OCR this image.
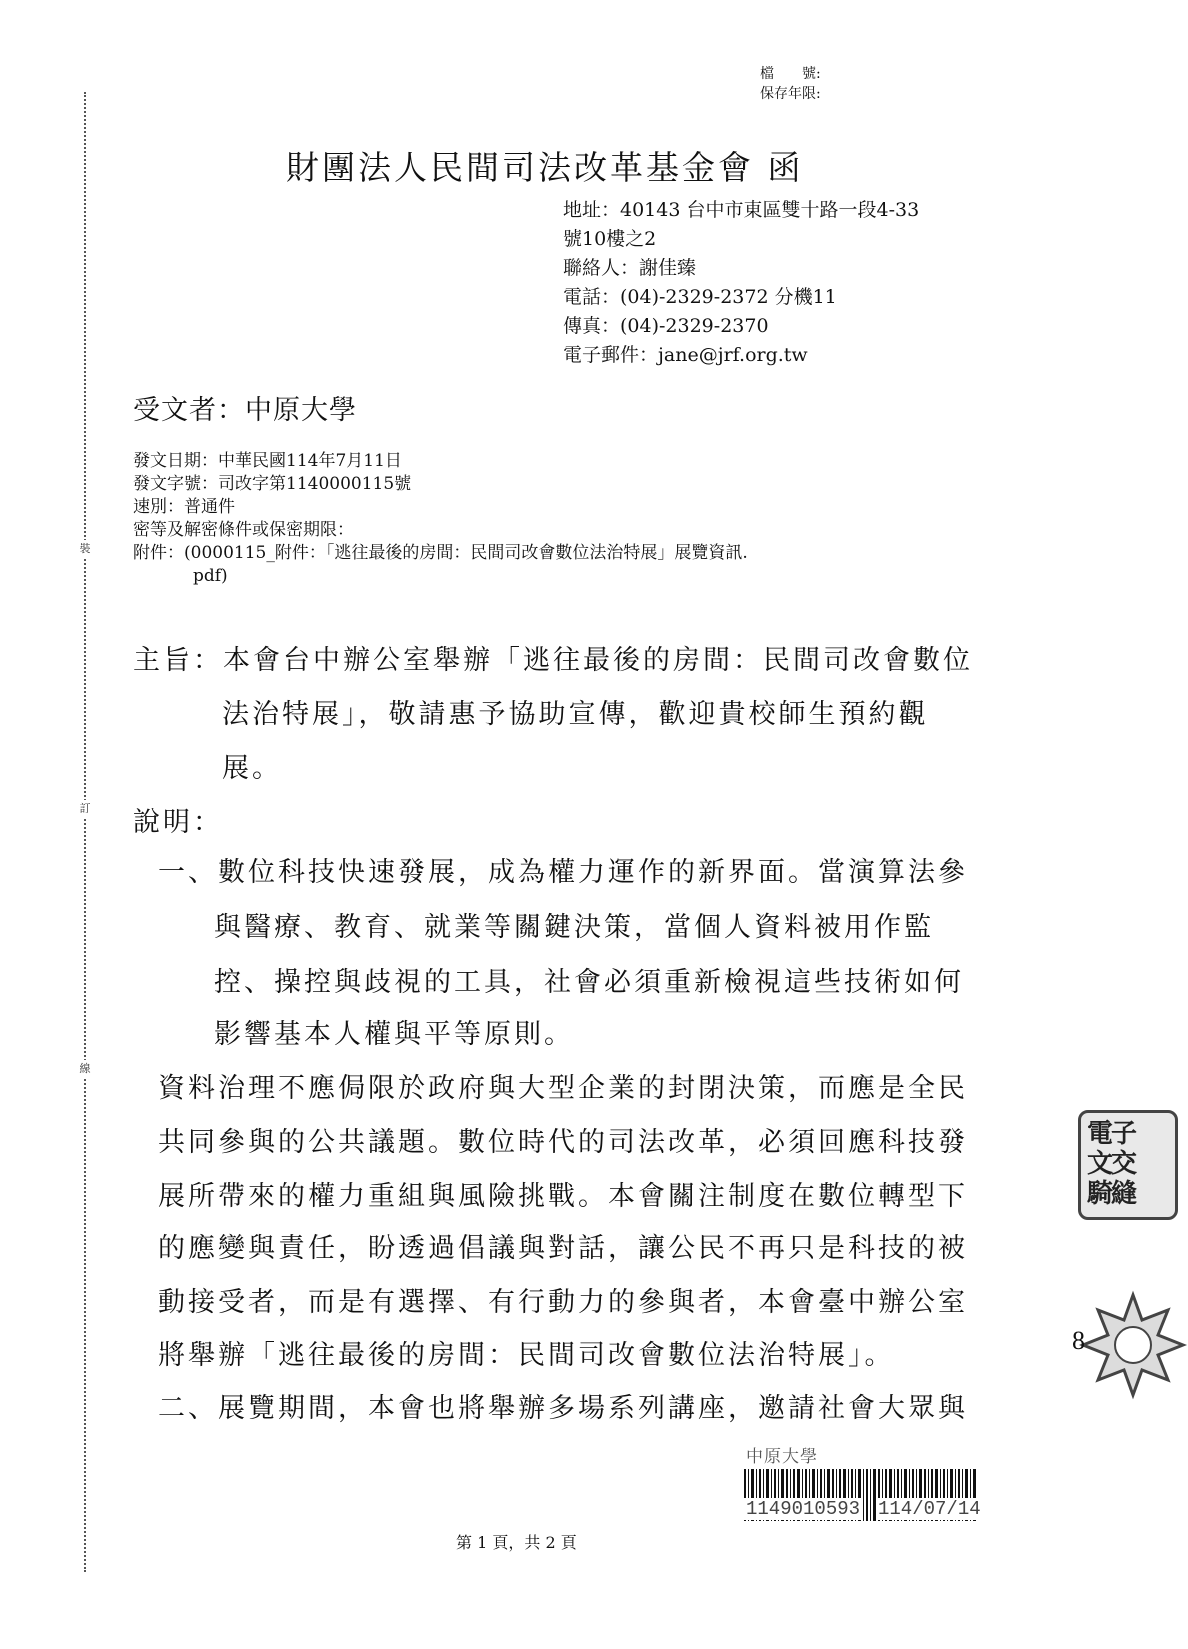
裝
訂
線
檔　　號:
保存年限:
財團法人民間司法改革基金會 函
地址：40143 台中市東區雙十路一段4-33
號10樓之2
聯絡人：謝佳臻
電話：(04)-2329-2372 分機11
傳真：(04)-2329-2370
電子郵件：jane@jrf.org.tw
受文者：中原大學
發文日期：中華民國114年7月11日
發文字號：司改字第1140000115號
速別：普通件
密等及解密條件或保密期限：
附件：(0000115_附件：「逃往最後的房間：民間司改會數位法治特展」展覽資訊.
pdf)
主旨：本會台中辦公室舉辦「逃往最後的房間：民間司改會數位
法治特展」，敬請惠予協助宣傳，歡迎貴校師生預約觀
展。
說明：
一、數位科技快速發展，成為權力運作的新界面。當演算法參
與醫療、教育、就業等關鍵決策，當個人資料被用作監
控、操控與歧視的工具，社會必須重新檢視這些技術如何
影響基本人權與平等原則。
資料治理不應侷限於政府與大型企業的封閉決策，而應是全民
共同參與的公共議題。數位時代的司法改革，必須回應科技發
展所帶來的權力重組與風險挑戰。本會關注制度在數位轉型下
的應變與責任，盼透過倡議與對話，讓公民不再只是科技的被
動接受者，而是有選擇、有行動力的參與者，本會臺中辦公室
將舉辦「逃往最後的房間：民間司改會數位法治特展」。
二、展覽期間，本會也將舉辦多場系列講座，邀請社會大眾與
電子
文交
騎縫
8
中原大學
1149010593 114/07/14
第 1 頁，共 2 頁
